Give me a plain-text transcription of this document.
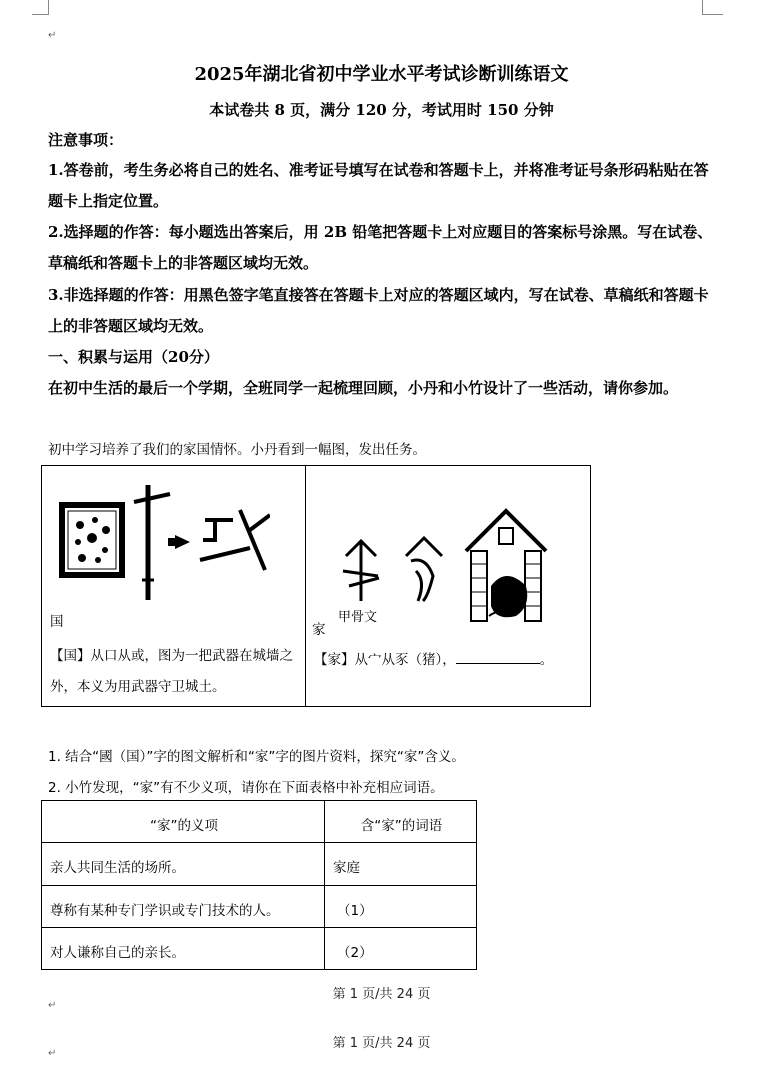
↵
2025年湖北省初中学业水平考试诊断训练语文
本试卷共 8 页，满分 120 分，考试用时 150 分钟
注意事项：
1.答卷前，考生务必将自己的姓名、准考证号填写在试卷和答题卡上，并将准考证号条形码粘贴在答题卡上指定位置。
2.选择题的作答：每小题选出答案后，用 2B 铅笔把答题卡上对应题目的答案标号涂黑。写在试卷、草稿纸和答题卡上的非答题区域均无效。
3.非选择题的作答：用黑色签字笔直接答在答题卡上对应的答题区域内，写在试卷、草稿纸和答题卡上的非答题区域均无效。
一、积累与运用（20分）
在初中生活的最后一个学期，全班同学一起梳理回顾，小丹和小竹设计了一些活动，请你参加。
初中学习培养了我们的家国情怀。小丹看到一幅图，发出任务。
国
【国】从口从或，图为一把武器在城墙之外，本义为用武器守卫城土。
甲骨文
家
【家】从宀从豕（猪），	。
1. 结合“國（国）”字的图文解析和“家”字的图片资料，探究“家”含义。
2. 小竹发现，“家”有不少义项，请你在下面表格中补充相应词语。
“家”的义项	含“家”的词语
亲人共同生活的场所。	家庭
尊称有某种专门学识或专门技术的人。	（1）
对人谦称自己的亲长。	（2）
第 1 页/共 24 页
↵
第 1 页/共 24 页
↵
